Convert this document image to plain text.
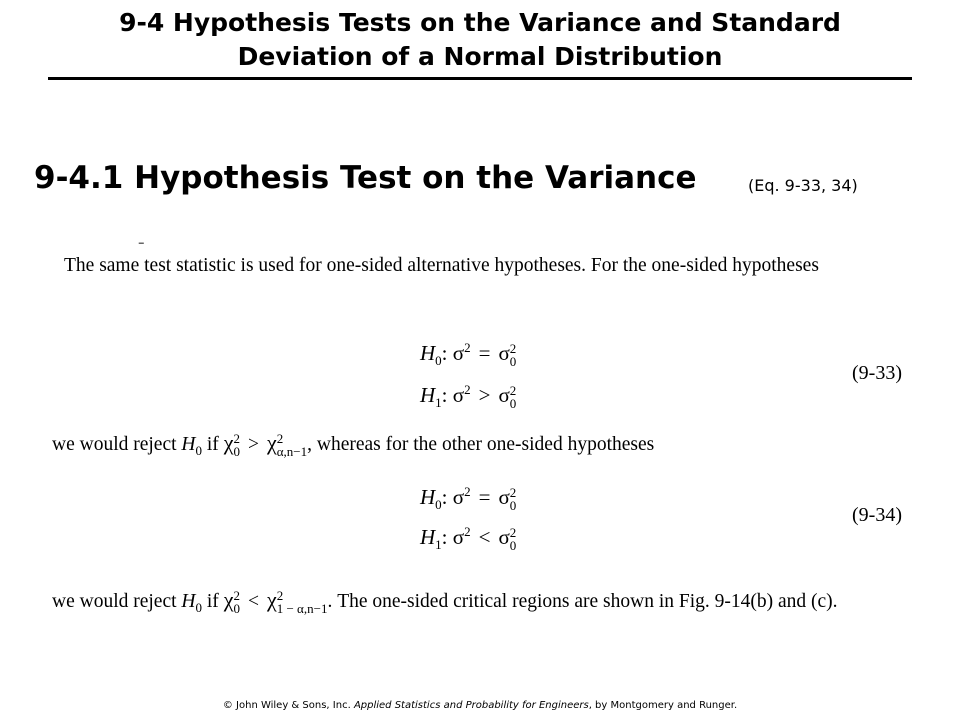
9-4 Hypothesis Tests on the Variance and Standard
Deviation of a Normal Distribution
9-4.1 Hypothesis Test on the Variance	(Eq. 9-33, 34)
-
The same test statistic is used for one-sided alternative hypotheses. For the one-sided hypotheses
$H_0$: $\sigma^2 = \sigma$ 2
0
$H_1$: $\sigma^2 > \sigma$ 2
0
(9-33)
we would reject $H_0$ if χ 2
0 > χ 2
α,n−1 , whereas for the other one-sided hypotheses
$H_0$: $\sigma^2 = \sigma$ 2
0
$H_1$: $\sigma^2 < \sigma$ 2
0
(9-34)
we would reject $H_0$ if χ 2
0 < χ 2
1 − α,n−1 . The one-sided critical regions are shown in Fig. 9-14(b) and (c).
© John Wiley & Sons, Inc. Applied Statistics and Probability for Engineers, by Montgomery and Runger.
